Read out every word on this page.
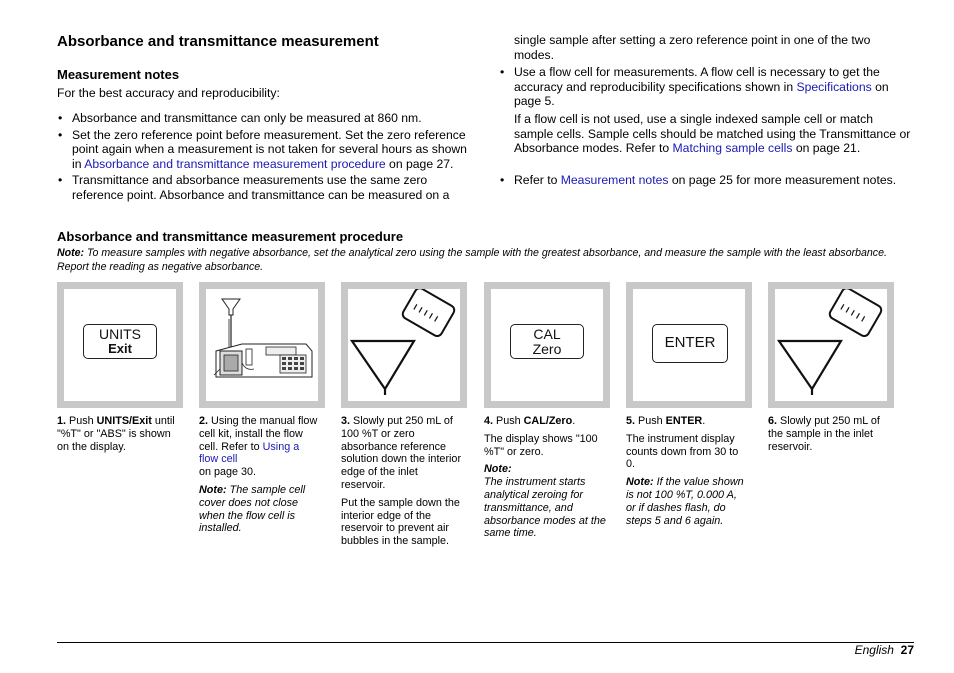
Absorbance and transmittance measurement
Measurement notes

For the best accuracy and reproducibility:

• Absorbance and transmittance can only be measured at 860 nm.
• Set the zero reference point before measurement. Set the zero reference point again when a measurement is not taken for several hours as shown in Absorbance and transmittance measurement procedure on page 27.
• Transmittance and absorbance measurements use the same zero reference point. Absorbance and transmittance can be measured on a

single sample after setting a zero reference point in one of the two modes.

• Use a flow cell for measurements. A flow cell is necessary to get the accuracy and reproducibility specifications shown in Specifications on page 5.

If a flow cell is not used, use a single indexed sample cell or match sample cells. Sample cells should be matched using the Transmittance or Absorbance modes. Refer to Matching sample cells on page 21.

• Refer to Measurement notes on page 25 for more measurement notes.
Absorbance and transmittance measurement procedure

Note: To measure samples with negative absorbance, set the analytical zero using the sample with the greatest absorbance, and measure the sample with the least absorbance. Report the reading as negative absorbance.

UNITS
Exit
CAL
Zero	ENTER

1. Push UNITS/Exit until "%T" or "ABS" is shown on the display.

2. Using the manual flow cell kit, install the flow cell. Refer to Using a flow cell
on page 30.

Note: The sample cell cover does not close when the flow cell is installed.

3. Slowly put 250 mL of 100 %T or zero absorbance reference solution down the interior edge of the inlet reservoir.

Put the sample down the interior edge of the reservoir to prevent air bubbles in the sample.

4. Push CAL/Zero.

The display shows "100 %T" or zero.

Note:

The instrument starts analytical zeroing for transmittance, and absorbance modes at the same time.

5. Push ENTER.

The instrument display counts down from 30 to 0.

Note: If the value shown is not 100 %T, 0.000 A, or if dashes flash, do steps 5 and 6 again.

6. Slowly put 250 mL of the sample in the inlet reservoir.

English 27
